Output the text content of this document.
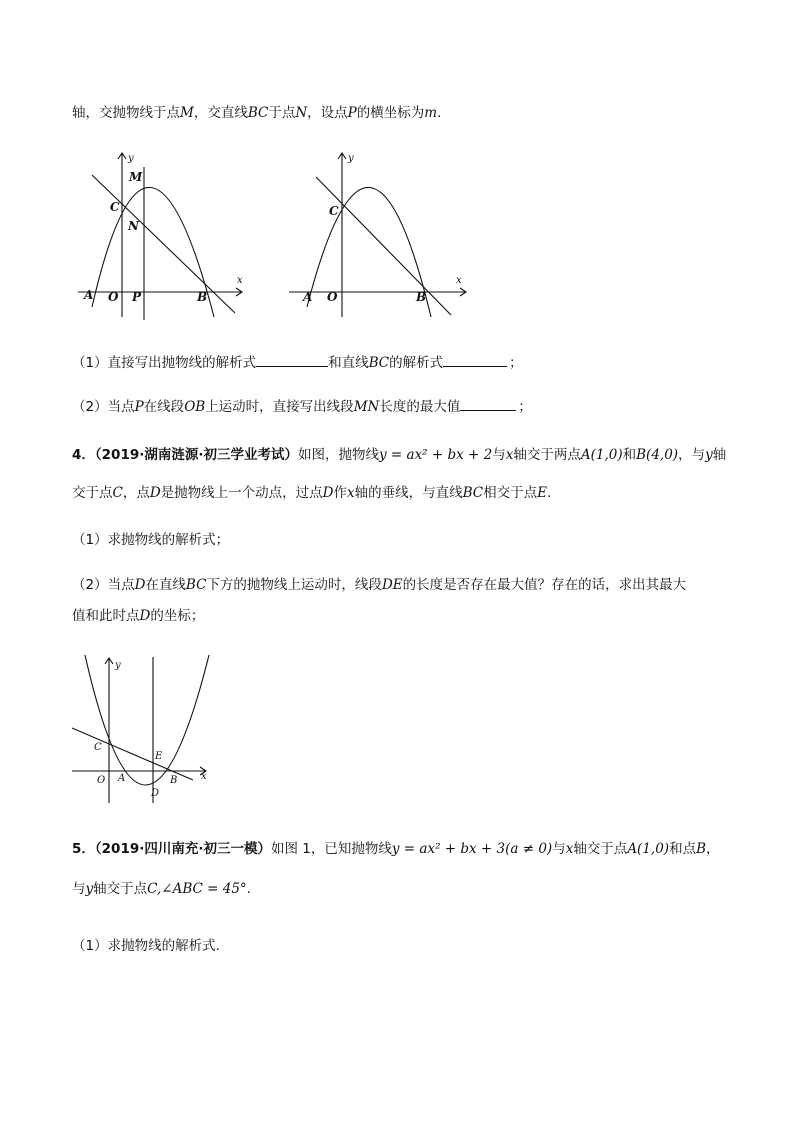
轴，交抛物线于点M，交直线BC于点N，设点P的横坐标为m.
y
x
M
C
N
A O P	B
y
x
C
A O	B
（1）直接写出抛物线的解析式	和直线BC的解析式	；
（2）当点P在线段OB上运动时，直接写出线段MN长度的最大值	；
4．（2019·湖南涟源·初三学业考试）如图，抛物线y = ax² + bx + 2与x轴交于两点A(1,0)和B(4,0)，与y轴
交于点C，点D是抛物线上一个动点，过点D作x轴的垂线，与直线BC相交于点E.
（1）求抛物线的解析式；
（2）当点D在直线BC下方的抛物线上运动时，线段DE的长度是否存在最大值？存在的话，求出其最大
值和此时点D的坐标；
y
x
C
E
O A	B
D
5．（2019·四川南充·初三一模）如图 1，已知抛物线y = ax² + bx + 3(a ≠ 0)与x轴交于点A(1,0)和点B，
与y轴交于点C,∠ABC = 45°.
（1）求抛物线的解析式.
